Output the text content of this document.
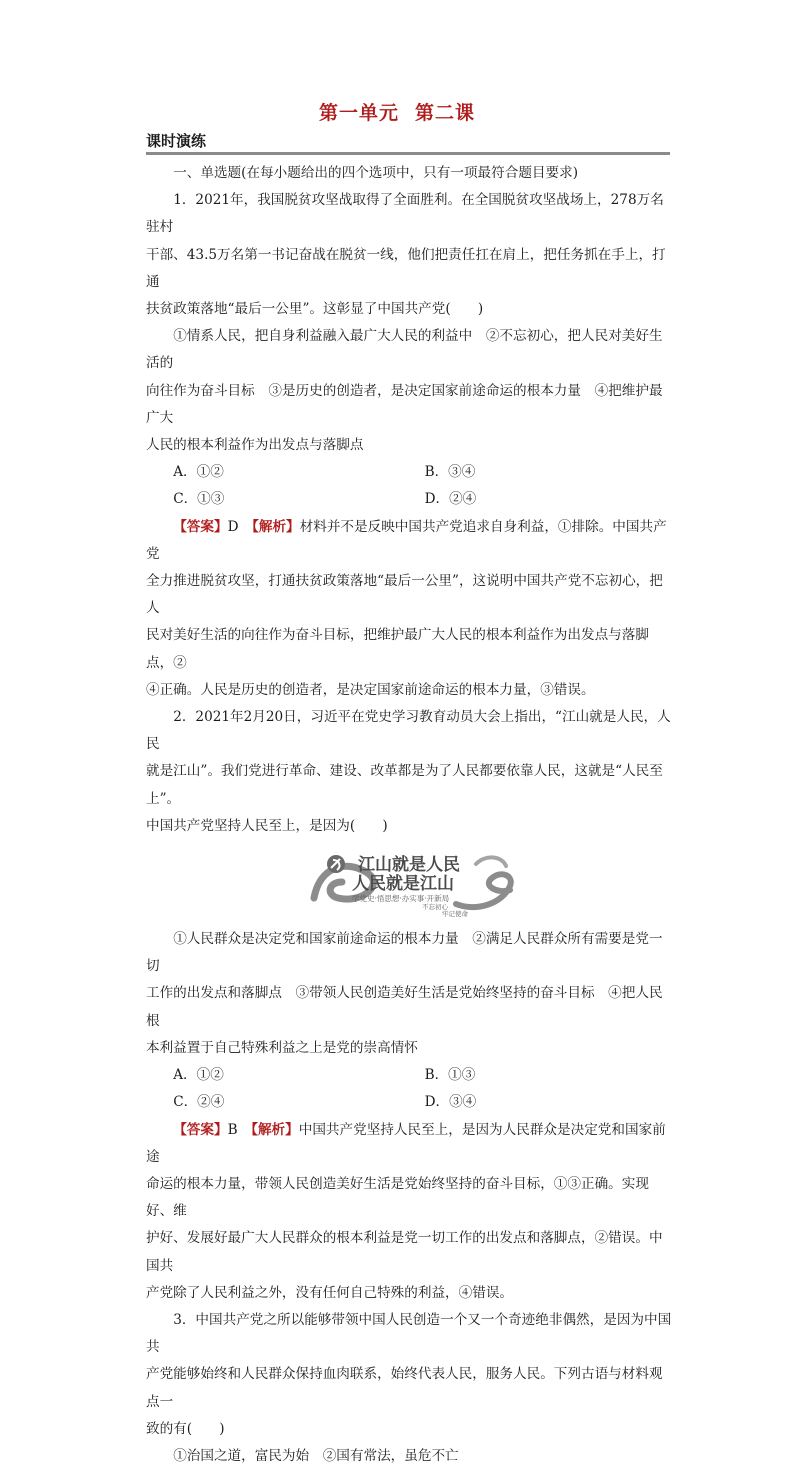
第一单元 第二课
课时演练

一、单选题(在每小题给出的四个选项中，只有一项最符合题目要求)

1．2021年，我国脱贫攻坚战取得了全面胜利。在全国脱贫攻坚战场上，278万名驻村

干部、43.5万名第一书记奋战在脱贫一线，他们把责任扛在肩上，把任务抓在手上，打通

扶贫政策落地“最后一公里”。这彰显了中国共产党(　　)

①情系人民，把自身利益融入最广大人民的利益中　②不忘初心，把人民对美好生活的

向往作为奋斗目标　③是历史的创造者，是决定国家前途命运的根本力量　④把维护最广大

人民的根本利益作为出发点与落脚点

A．①②	B．③④
C．①③	D．②④

【答案】D　 【解析】材料并不是反映中国共产党追求自身利益，①排除。中国共产党

全力推进脱贫攻坚，打通扶贫政策落地“最后一公里”，这说明中国共产党不忘初心，把人

民对美好生活的向往作为奋斗目标，把维护最广大人民的根本利益作为出发点与落脚点，②

④正确。人民是历史的创造者，是决定国家前途命运的根本力量，③错误。

2．2021年2月20日，习近平在党史学习教育动员大会上指出，“江山就是人民，人民

就是江山”。我们党进行革命、建设、改革都是为了人民都要依靠人民，这就是“人民至上”。

中国共产党坚持人民至上，是因为(　　)

江山就是人民
人民就是江山
学党史·悟思想·办实事·开新局
不忘初心
牢记使命

①人民群众是决定党和国家前途命运的根本力量　②满足人民群众所有需要是党一切

工作的出发点和落脚点　③带领人民创造美好生活是党始终坚持的奋斗目标　④把人民根

本利益置于自己特殊利益之上是党的崇高情怀

A．①②	B．①③
C．②④	D．③④

【答案】B　 【解析】中国共产党坚持人民至上，是因为人民群众是决定党和国家前途

命运的根本力量，带领人民创造美好生活是党始终坚持的奋斗目标，①③正确。实现好、维

护好、发展好最广大人民群众的根本利益是党一切工作的出发点和落脚点，②错误。中国共

产党除了人民利益之外，没有任何自己特殊的利益，④错误。

3．中国共产党之所以能够带领中国人民创造一个又一个奇迹绝非偶然，是因为中国共

产党能够始终和人民群众保持血肉联系，始终代表人民，服务人民。下列古语与材料观点一

致的有(　　)

①治国之道，富民为始　②国有常法，虽危不亡
